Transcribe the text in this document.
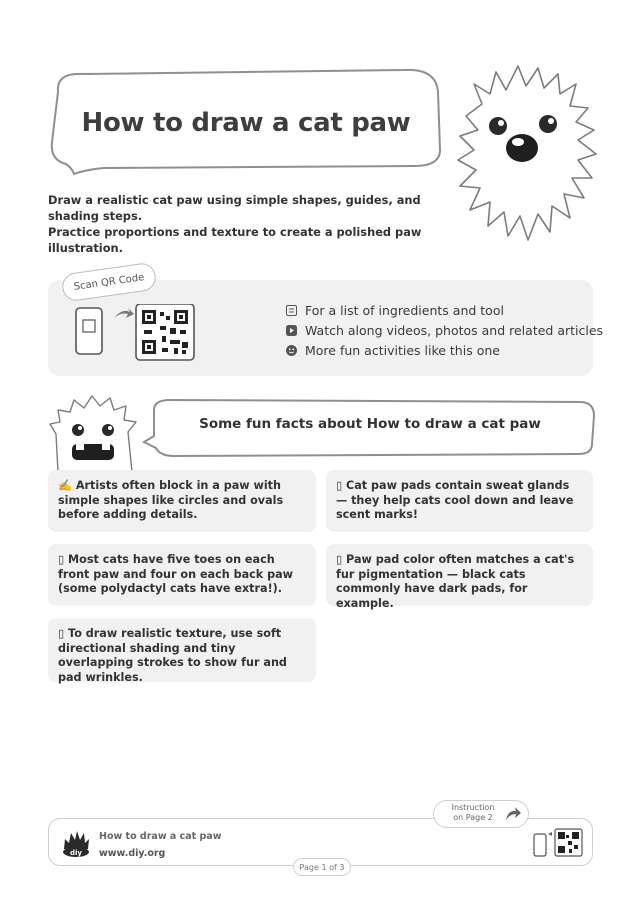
How to draw a cat paw

Draw a realistic cat paw using simple shapes, guides, and shading steps.

Practice proportions and texture to create a polished paw illustration.

Scan QR Code
For a list of ingredients and tool
Watch along videos, photos and related articles
More fun activities like this one
Some fun facts about How to draw a cat paw
✍️ Artists often block in a paw with simple shapes like circles and ovals before adding details.
▯ Cat paw pads contain sweat glands — they help cats cool down and leave scent marks!
▯ Most cats have five toes on each front paw and four on each back paw (some polydactyl cats have extra!).
▯ Paw pad color often matches a cat's fur pigmentation — black cats commonly have dark pads, for example.
▯ To draw realistic texture, use soft directional shading and tiny overlapping strokes to show fur and pad wrinkles.
diy
How to draw a cat paw
www.diy.org
Page 1 of 3
Instruction
on Page 2
